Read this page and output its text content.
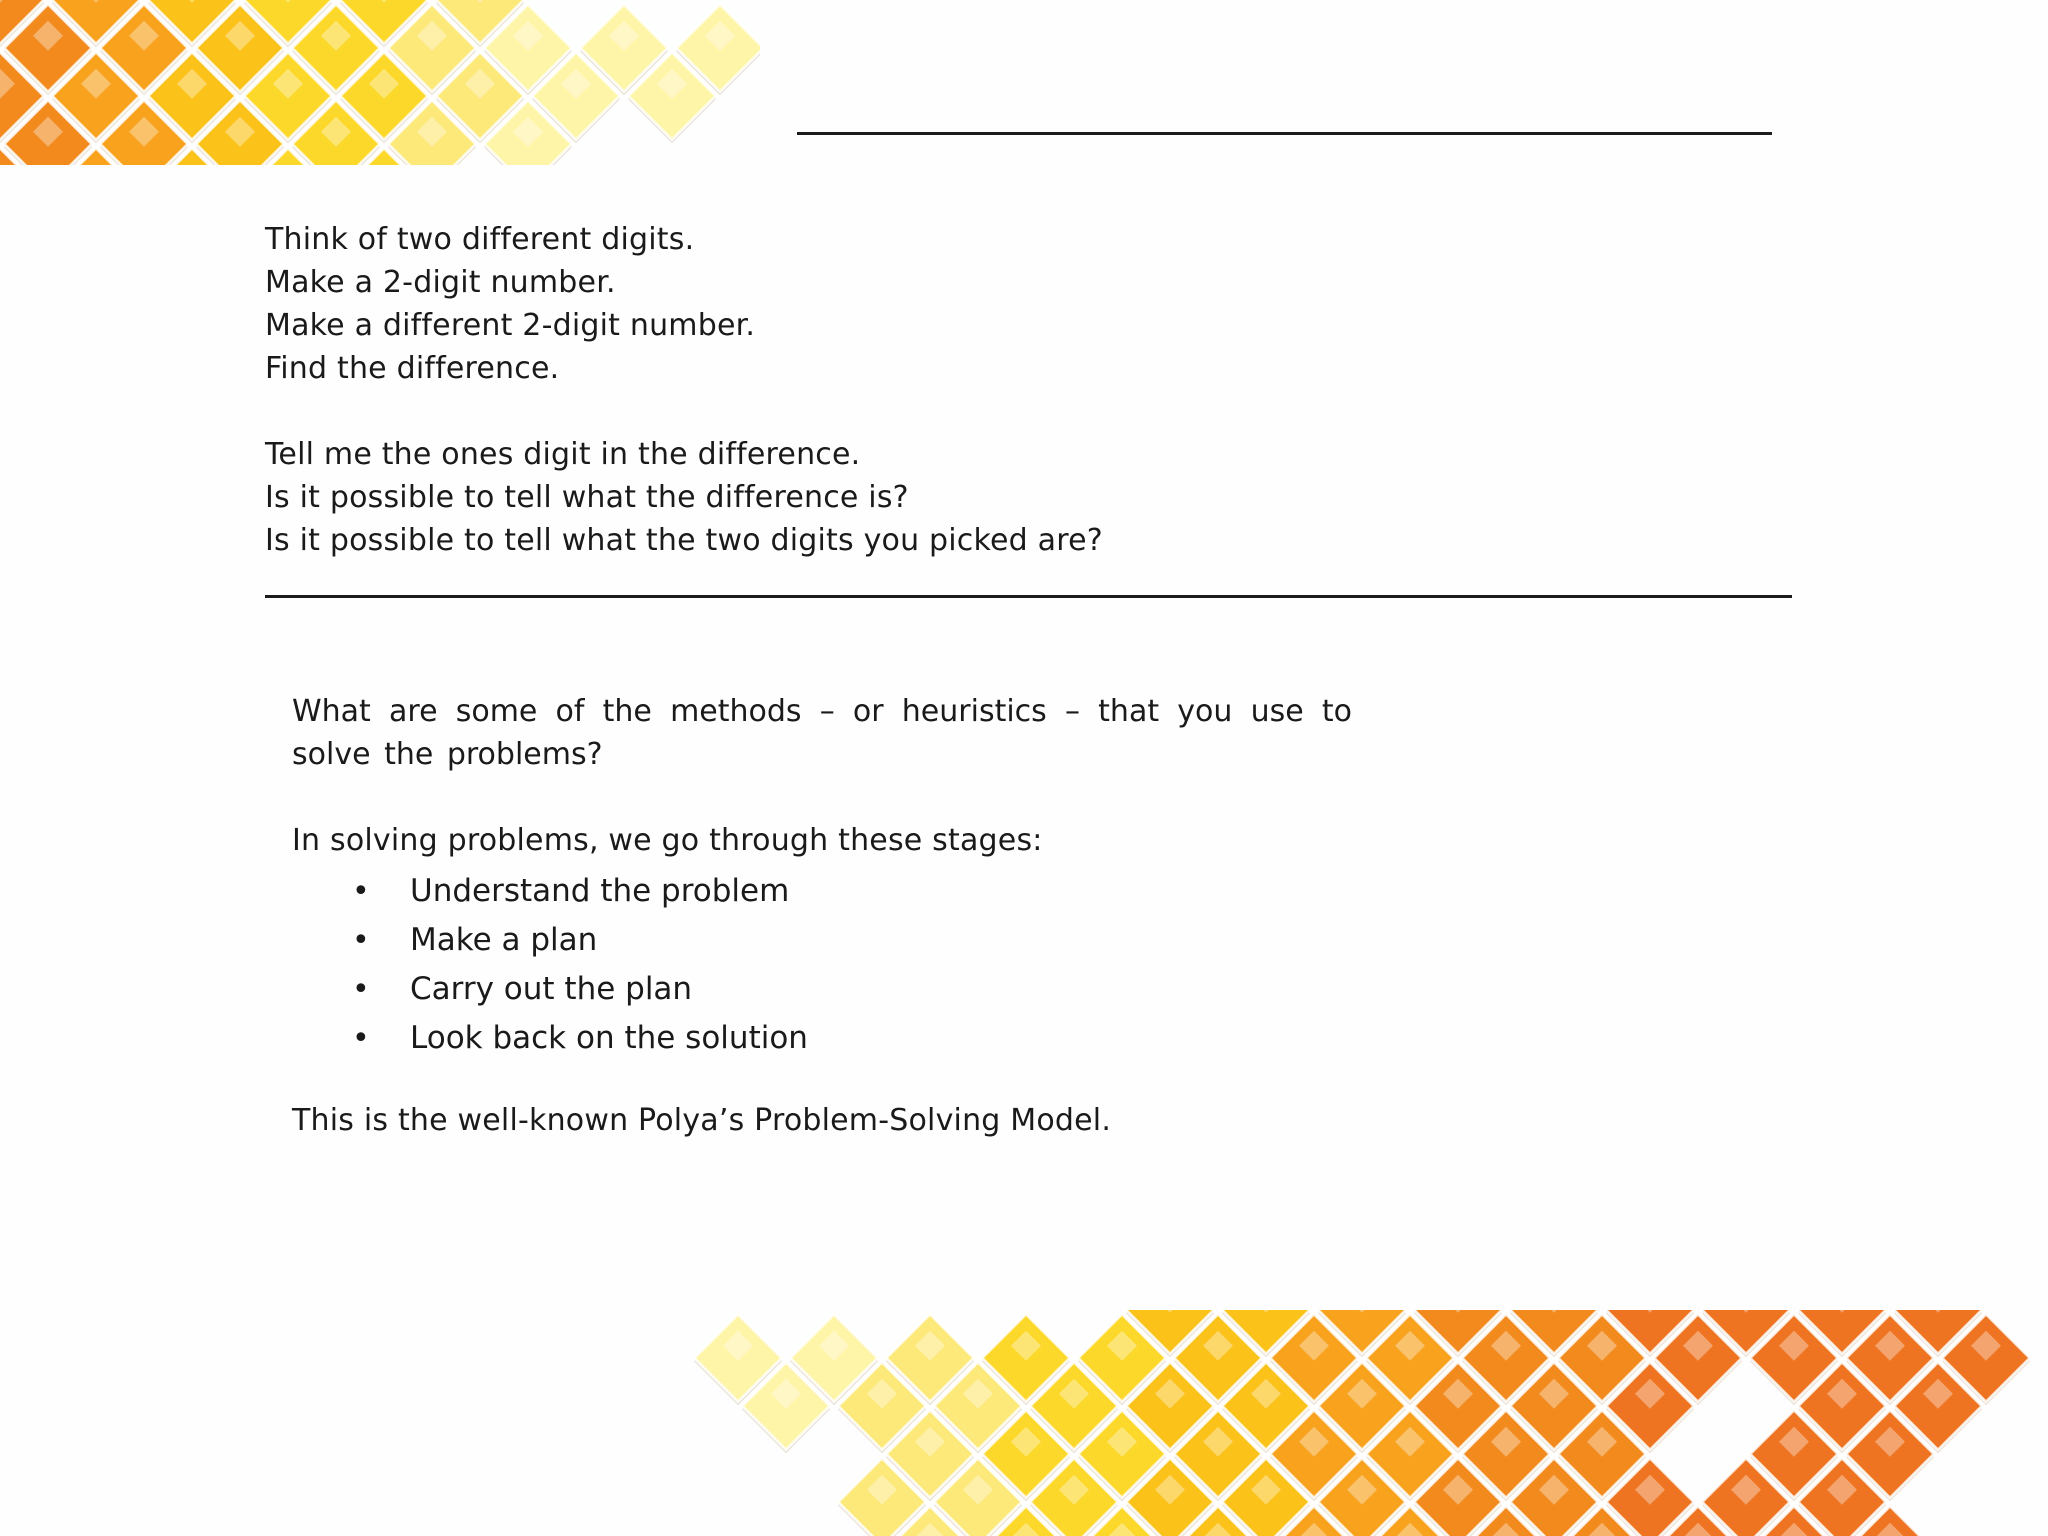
Think of two different digits.
Make a 2-digit number.
Make a different 2-digit number.
Find the difference.
Tell me the ones digit in the difference.
Is it possible to tell what the difference is?
Is it possible to tell what the two digits you picked are?
What are some of the methods – or heuristics – that you use to solve the problems?
In solving problems, we go through these stages:
• Understand the problem
• Make a plan
• Carry out the plan
• Look back on the solution
This is the well-known Polya’s Problem-Solving Model.
